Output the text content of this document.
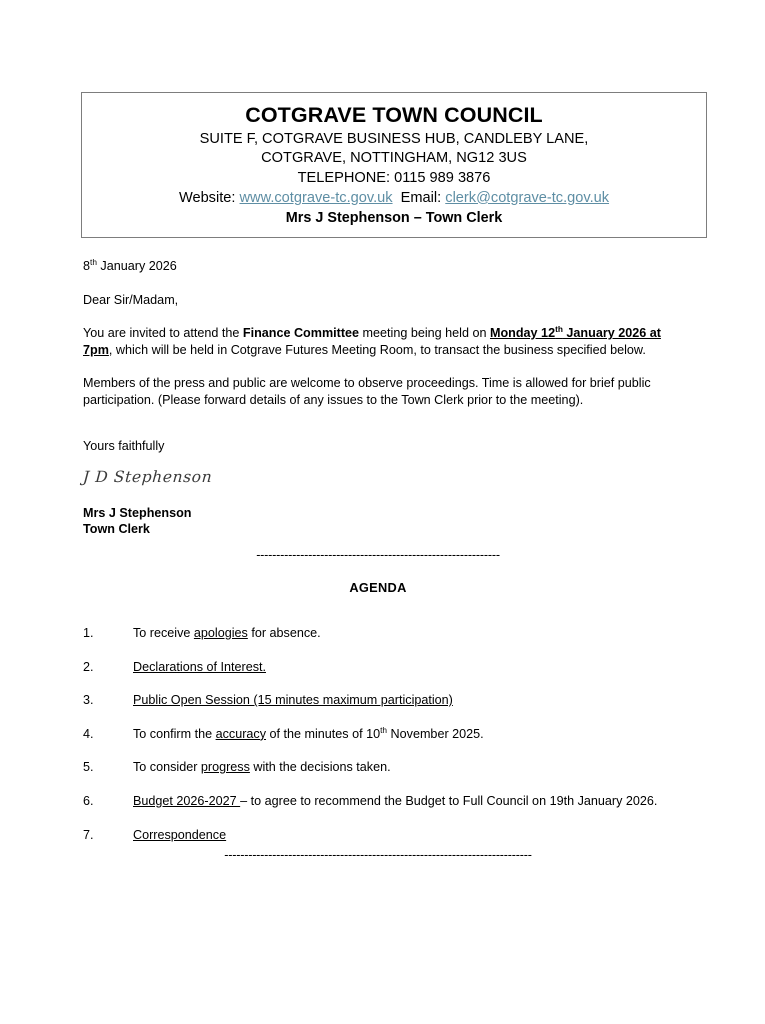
COTGRAVE TOWN COUNCIL
SUITE F, COTGRAVE BUSINESS HUB, CANDLEBY LANE,
COTGRAVE, NOTTINGHAM, NG12 3US
TELEPHONE: 0115 989 3876
Website: www.cotgrave-tc.gov.uk Email: clerk@cotgrave-tc.gov.uk
Mrs J Stephenson – Town Clerk

8th January 2026

Dear Sir/Madam,

You are invited to attend the Finance Committee meeting being held on Monday 12th January 2026 at 7pm, which will be held in Cotgrave Futures Meeting Room, to transact the business specified below.

Members of the press and public are welcome to observe proceedings. Time is allowed for brief public participation. (Please forward details of any issues to the Town Clerk prior to the meeting).

Yours faithfully

J D Stephenson

Mrs J Stephenson
Town Clerk
-------------------------------------------------------------
AGENDA
1.	To receive apologies for absence.
2.	Declarations of Interest.
3.	Public Open Session (15 minutes maximum participation)
4.	To confirm the accuracy of the minutes of 10th November 2025.
5.	To consider progress with the decisions taken.
6.	Budget 2026-2027 – to agree to recommend the Budget to Full Council on 19th January 2026.
7.	Correspondence
-----------------------------------------------------------------------------
